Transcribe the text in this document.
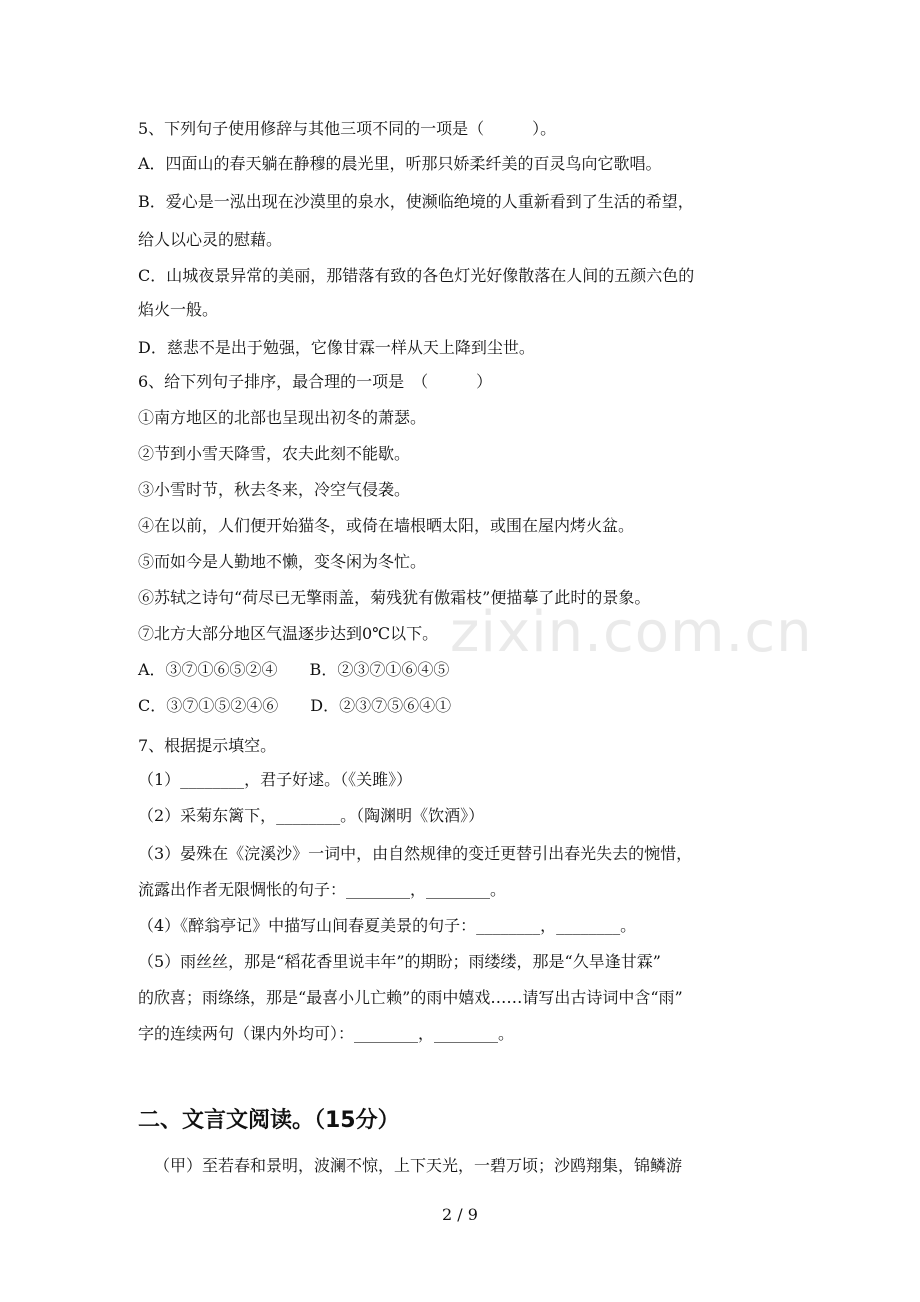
zixin.com.cn
5、下列句子使用修辞与其他三项不同的一项是（　　　）。
A．四面山的春天躺在静穆的晨光里，听那只娇柔纤美的百灵鸟向它歌唱。
B．爱心是一泓出现在沙漠里的泉水，使濒临绝境的人重新看到了生活的希望，
给人以心灵的慰藉。
C．山城夜景异常的美丽，那错落有致的各色灯光好像散落在人间的五颜六色的
焰火一般。
D．慈悲不是出于勉强，它像甘霖一样从天上降到尘世。
6、给下列句子排序，最合理的一项是　（　　　）
①南方地区的北部也呈现出初冬的萧瑟。
②节到小雪天降雪，农夫此刻不能歇。
③小雪时节，秋去冬来，冷空气侵袭。
④在以前，人们便开始猫冬，或倚在墙根晒太阳，或围在屋内烤火盆。
⑤而如今是人勤地不懒，变冬闲为冬忙。
⑥苏轼之诗句“荷尽已无擎雨盖，菊残犹有傲霜枝”便描摹了此时的景象。
⑦北方大部分地区气温逐步达到0℃以下。
A．③⑦①⑥⑤②④　　B．②③⑦①⑥④⑤
C．③⑦①⑤②④⑥　　D．②③⑦⑤⑥④①
7、根据提示填空。
（1）________，君子好逑。（《关雎》）
（2）采菊东篱下，________。（陶渊明《饮酒》）
（3）晏殊在《浣溪沙》一词中，由自然规律的变迁更替引出春光失去的惋惜，
流露出作者无限惆怅的句子：________，________。
（4）《醉翁亭记》中描写山间春夏美景的句子：________，________。
（5）雨丝丝，那是“稻花香里说丰年”的期盼；雨缕缕，那是“久旱逢甘霖”
的欣喜；雨绦绦，那是“最喜小儿亡赖”的雨中嬉戏……请写出古诗词中含“雨”
字的连续两句（课内外均可）：________，________。
二、文言文阅读。（15分）
（甲）至若春和景明，波澜不惊，上下天光，一碧万顷；沙鸥翔集，锦鳞游
2 / 9
